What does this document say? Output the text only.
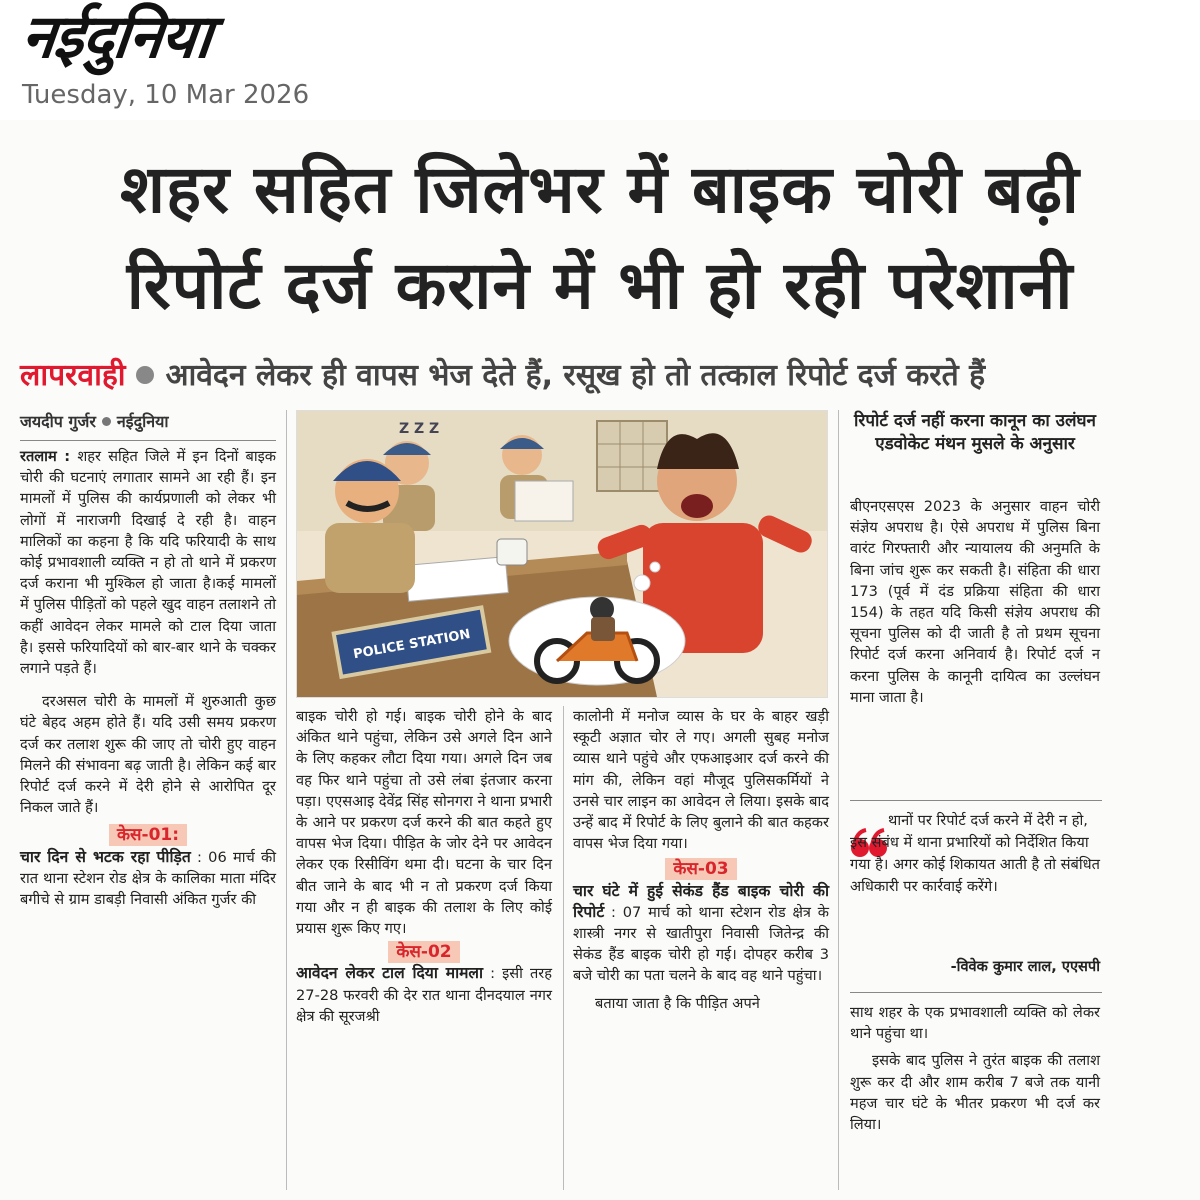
नईदुनिया
Tuesday, 10 Mar 2026
शहर सहित जिलेभर में बाइक चोरी बढ़ी
रिपोर्ट दर्ज कराने में भी हो रही परेशानी
लापरवाही आवेदन लेकर ही वापस भेज देते हैं, रसूख हो तो तत्काल रिपोर्ट दर्ज करते हैं
जयदीप गुर्जर नईदुनिया

रतलाम : शहर सहित जिले में इन दिनों बाइक चोरी की घटनाएं लगातार सामने आ रही हैं। इन मामलों में पुलिस की कार्यप्रणाली को लेकर भी लोगों में नाराजगी दिखाई दे रही है। वाहन मालिकों का कहना है कि यदि फरियादी के साथ कोई प्रभावशाली व्यक्ति न हो तो थाने में प्रकरण दर्ज कराना भी मुश्किल हो जाता है।कई मामलों में पुलिस पीड़ितों को पहले खुद वाहन तलाशने तो कहीं आवेदन लेकर मामले को टाल दिया जाता है। इससे फरियादियों को बार-बार थाने के चक्कर लगाने पड़ते हैं।

दरअसल चोरी के मामलों में शुरुआती कुछ घंटे बेहद अहम होते हैं। यदि उसी समय प्रकरण दर्ज कर तलाश शुरू की जाए तो चोरी हुए वाहन मिलने की संभावना बढ़ जाती है। लेकिन कई बार रिपोर्ट दर्ज करने में देरी होने से आरोपित दूर निकल जाते हैं।

केस-01:

चार दिन से भटक रहा पीड़ित : 06 मार्च की रात थाना स्टेशन रोड क्षेत्र के कालिका माता मंदिर बगीचे से ग्राम डाबड़ी निवासी अंकित गुर्जर की

Z Z Z
POLICE STATION

बाइक चोरी हो गई। बाइक चोरी होने के बाद अंकित थाने पहुंचा, लेकिन उसे अगले दिन आने के लिए कहकर लौटा दिया गया। अगले दिन जब वह फिर थाने पहुंचा तो उसे लंबा इंतजार करना पड़ा। एएसआइ देवेंद्र सिंह सोनगरा ने थाना प्रभारी के आने पर प्रकरण दर्ज करने की बात कहते हुए वापस भेज दिया। पीड़ित के जोर देने पर आवेदन लेकर एक रिसीविंग थमा दी। घटना के चार दिन बीत जाने के बाद भी न तो प्रकरण दर्ज किया गया और न ही बाइक की तलाश के लिए कोई प्रयास शुरू किए गए।

केस-02

आवेदन लेकर टाल दिया मामला : इसी तरह 27-28 फरवरी की देर रात थाना दीनदयाल नगर क्षेत्र की सूरजश्री

कालोनी में मनोज व्यास के घर के बाहर खड़ी स्कूटी अज्ञात चोर ले गए। अगली सुबह मनोज व्यास थाने पहुंचे और एफआइआर दर्ज करने की मांग की, लेकिन वहां मौजूद पुलिसकर्मियों ने उनसे चार लाइन का आवेदन ले लिया। इसके बाद उन्हें बाद में रिपोर्ट के लिए बुलाने की बात कहकर वापस भेज दिया गया।

केस-03

चार घंटे में हुई सेकंड हैंड बाइक चोरी की रिपोर्ट : 07 मार्च को थाना स्टेशन रोड क्षेत्र के शास्त्री नगर से खातीपुरा निवासी जितेन्द्र की सेकंड हैंड बाइक चोरी हो गई। दोपहर करीब 3 बजे चोरी का पता चलने के बाद वह थाने पहुंचा।

बताया जाता है कि पीड़ित अपने

रिपोर्ट दर्ज नहीं करना कानून का उलंघन एडवोकेट मंथन मुसले के अनुसार
बीएनएसएस 2023 के अनुसार वाहन चोरी संज्ञेय अपराध है। ऐसे अपराध में पुलिस बिना वारंट गिरफ्तारी और न्यायालय की अनुमति के बिना जांच शुरू कर सकती है। संहिता की धारा 173 (पूर्व में दंड प्रक्रिया संहिता की धारा 154) के तहत यदि किसी संज्ञेय अपराध की सूचना पुलिस को दी जाती है तो प्रथम सूचना रिपोर्ट दर्ज करना अनिवार्य है। रिपोर्ट दर्ज न करना पुलिस के कानूनी दायित्व का उल्लंघन माना जाता है।

थानों पर रिपोर्ट दर्ज करने में देरी न हो, इस संबंध में थाना प्रभारियों को निर्देशित किया गया है। अगर कोई शिकायत आती है तो संबंधित अधिकारी पर कार्रवाई करेंगे।

-विवेक कुमार लाल, एएसपी

साथ शहर के एक प्रभावशाली व्यक्ति को लेकर थाने पहुंचा था।

इसके बाद पुलिस ने तुरंत बाइक की तलाश शुरू कर दी और शाम करीब 7 बजे तक यानी महज चार घंटे के भीतर प्रकरण भी दर्ज कर लिया।
